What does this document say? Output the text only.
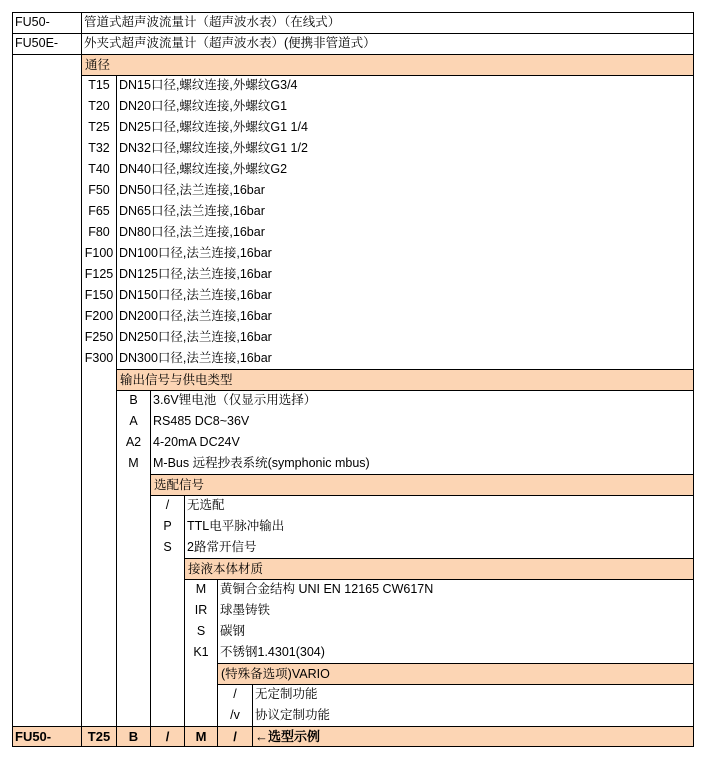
FU50-	管道式超声波流量计（超声波水表）（在线式）
FU50E-	外夹式超声波流量计（超声波水表）(便携非管道式）
通径
T15 DN15口径,螺纹连接,外螺纹G3/4
T20 DN20口径,螺纹连接,外螺纹G1
T25 DN25口径,螺纹连接,外螺纹G1 1/4
T32 DN32口径,螺纹连接,外螺纹G1 1/2
T40 DN40口径,螺纹连接,外螺纹G2
F50 DN50口径,法兰连接,16bar
F65 DN65口径,法兰连接,16bar
F80 DN80口径,法兰连接,16bar
F100 DN100口径,法兰连接,16bar
F125 DN125口径,法兰连接,16bar
F150 DN150口径,法兰连接,16bar
F200 DN200口径,法兰连接,16bar
F250 DN250口径,法兰连接,16bar
F300 DN300口径,法兰连接,16bar
输出信号与供电类型
B	3.6V锂电池（仅显示用选择）
A	RS485 DC8~36V
A2 4-20mA DC24V
M	M-Bus 远程抄表系统(symphonic mbus)
选配信号
/	无选配
P	TTL电平脉冲输出
S	2路常开信号
接液本体材质
M	黄铜合金结构 UNI EN 12165 CW617N
IR	球墨铸铁
S	碳钢
K1 不锈钢1.4301(304)
(特殊备选项)VARIO
/	无定制功能
/v	协议定制功能
FU50-	T25	B	/	M	/	←选型示例
